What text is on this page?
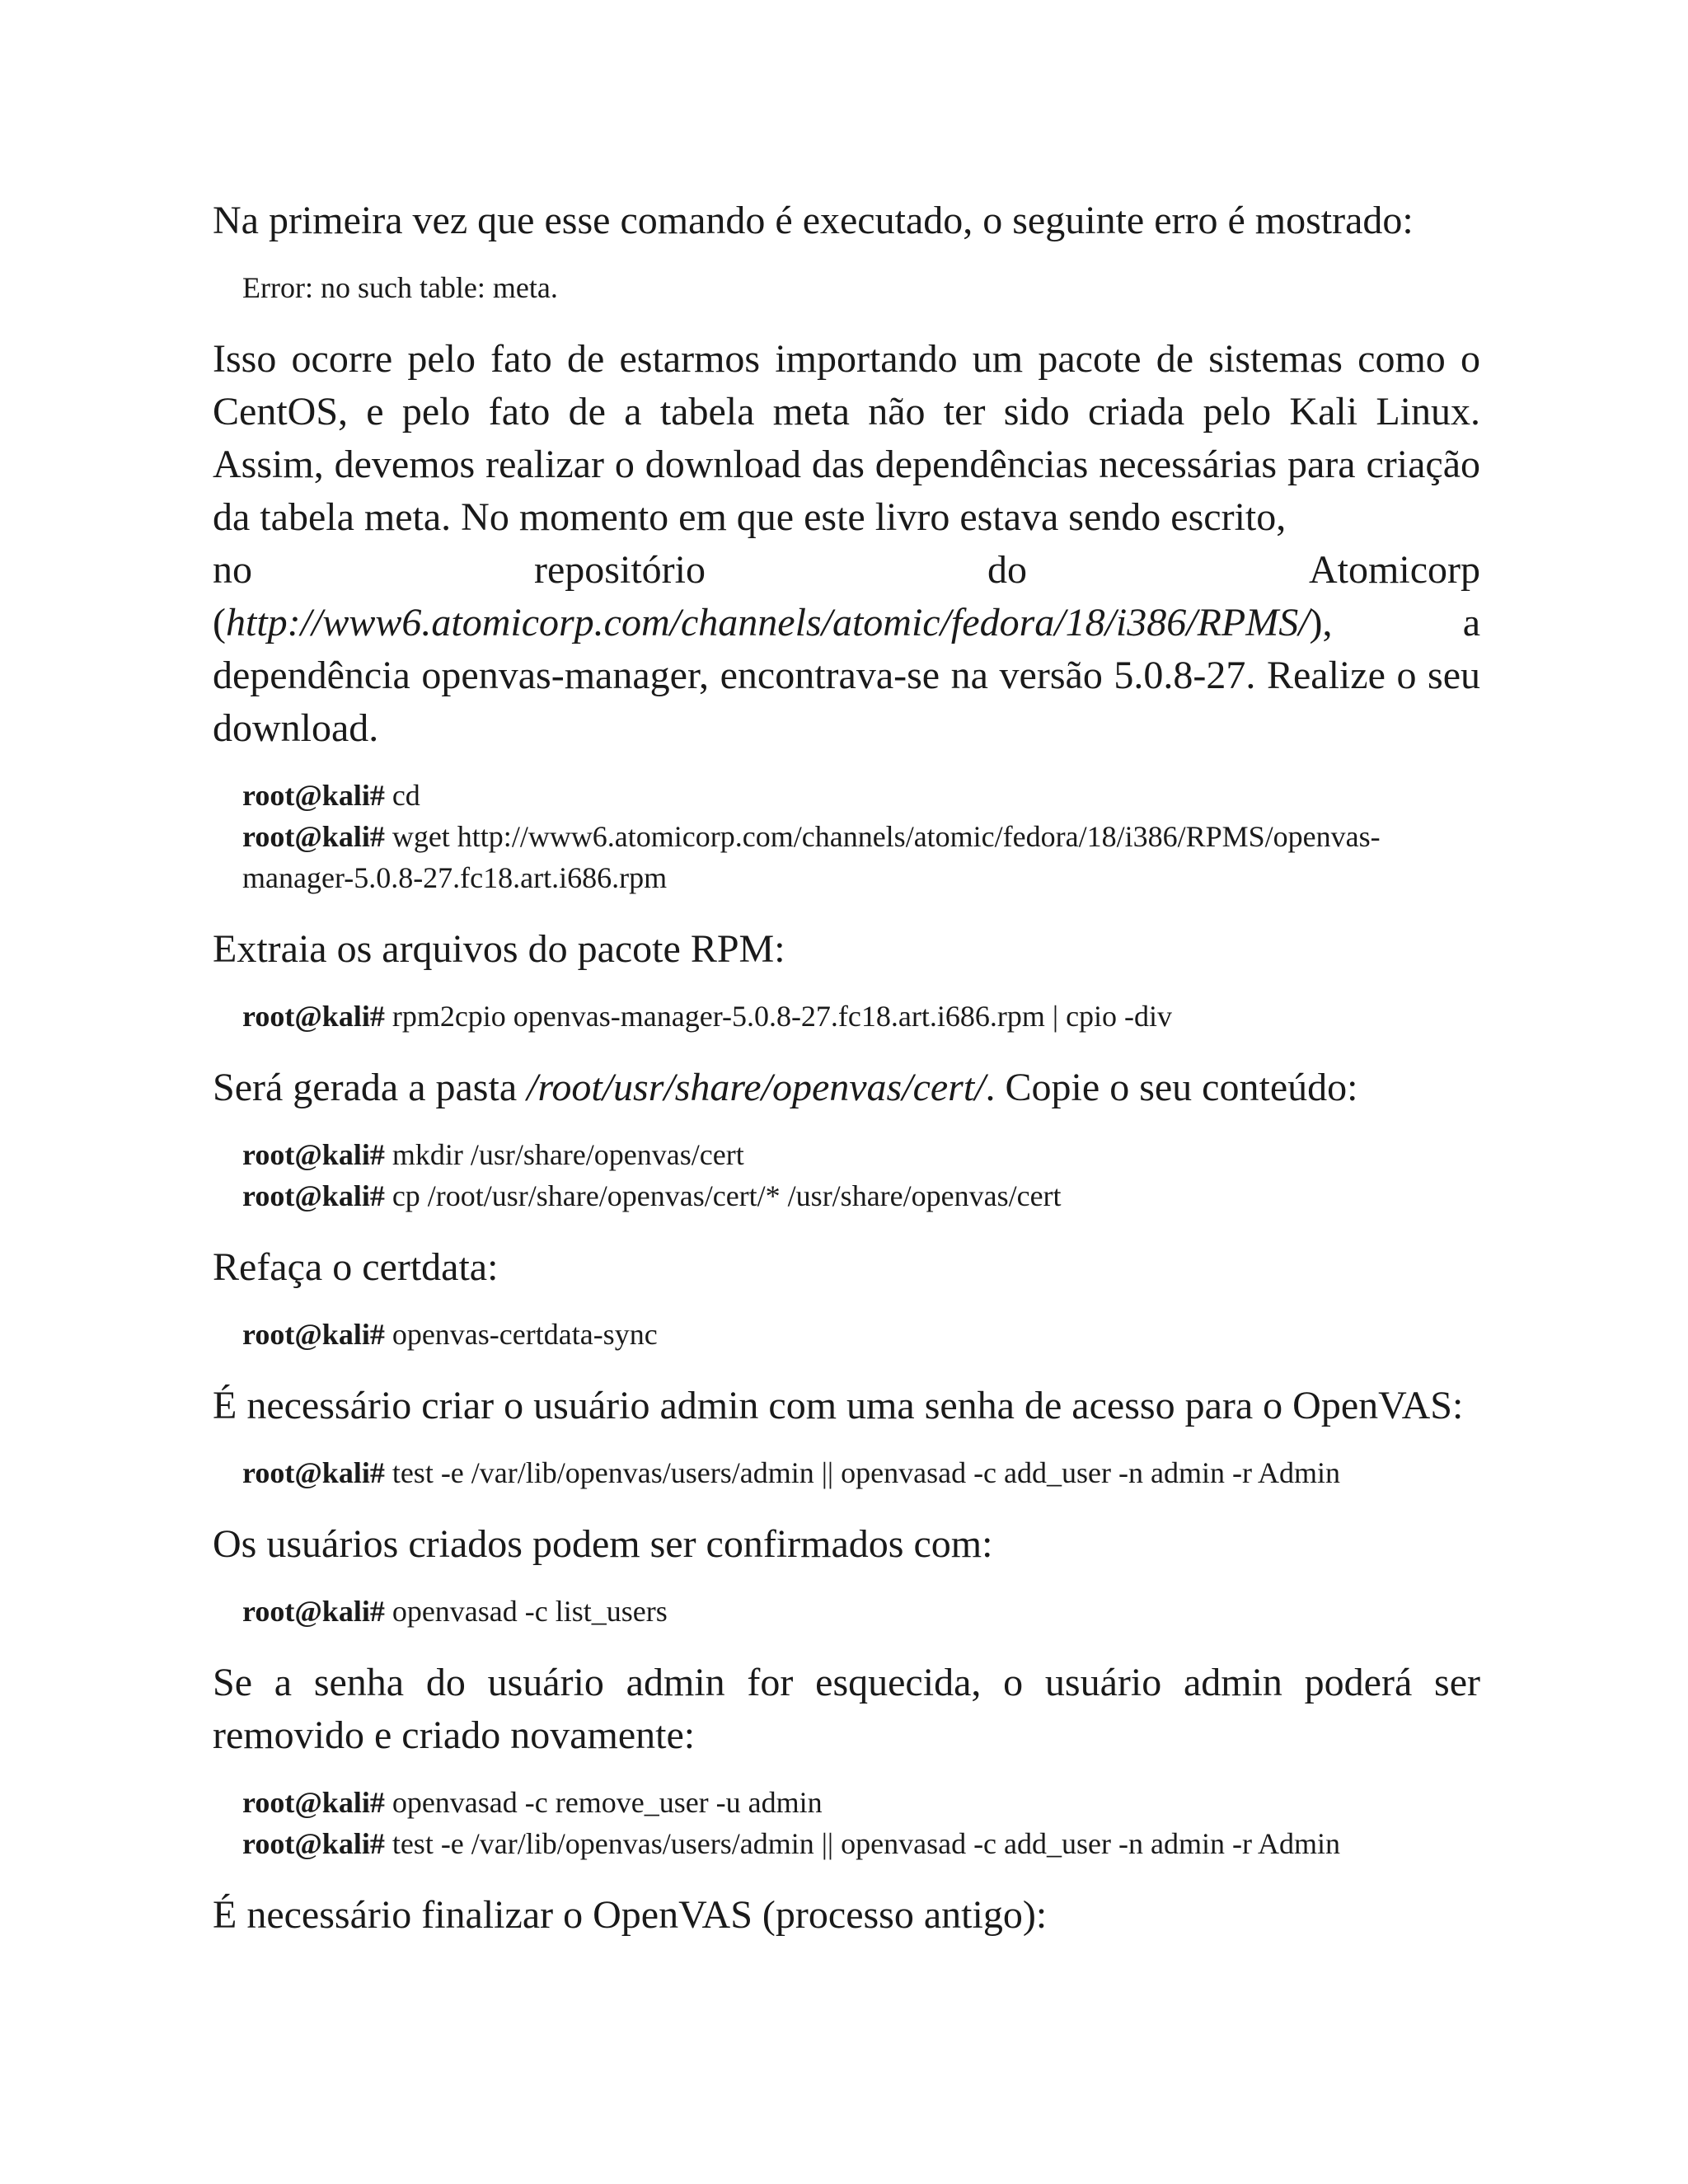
Na primeira vez que esse comando é executado, o seguinte erro é mostrado:

Error: no such table: meta.

Isso ocorre pelo fato de estarmos importando um pacote de sistemas como o CentOS, e pelo fato de a tabela meta não ter sido criada pelo Kali Linux. Assim, devemos realizar o download das dependências necessárias para criação da tabela meta. No momento em que este livro estava sendo escrito,
no	repositório	do	Atomicorp
(http://www6.atomicorp.com/channels/atomic/fedora/18/i386/RPMS/),	a
dependência openvas-manager, encontrava-se na versão 5.0.8-27. Realize o seu download.

root@kali# cd
root@kali# wget http://www6.atomicorp.com/channels/atomic/fedora/18/i386/RPMS/openvas-manager-5.0.8-27.fc18.art.i686.rpm

Extraia os arquivos do pacote RPM:

root@kali# rpm2cpio openvas-manager-5.0.8-27.fc18.art.i686.rpm | cpio -div

Será gerada a pasta /root/usr/share/openvas/cert/. Copie o seu conteúdo:

root@kali# mkdir /usr/share/openvas/cert
root@kali# cp /root/usr/share/openvas/cert/* /usr/share/openvas/cert

Refaça o certdata:

root@kali# openvas-certdata-sync

É necessário criar o usuário admin com uma senha de acesso para o OpenVAS:

root@kali# test -e /var/lib/openvas/users/admin || openvasad -c add_user -n admin -r Admin

Os usuários criados podem ser confirmados com:

root@kali# openvasad -c list_users

Se a senha do usuário admin for esquecida, o usuário admin poderá ser removido e criado novamente:

root@kali# openvasad -c remove_user -u admin
root@kali# test -e /var/lib/openvas/users/admin || openvasad -c add_user -n admin -r Admin

É necessário finalizar o OpenVAS (processo antigo):
